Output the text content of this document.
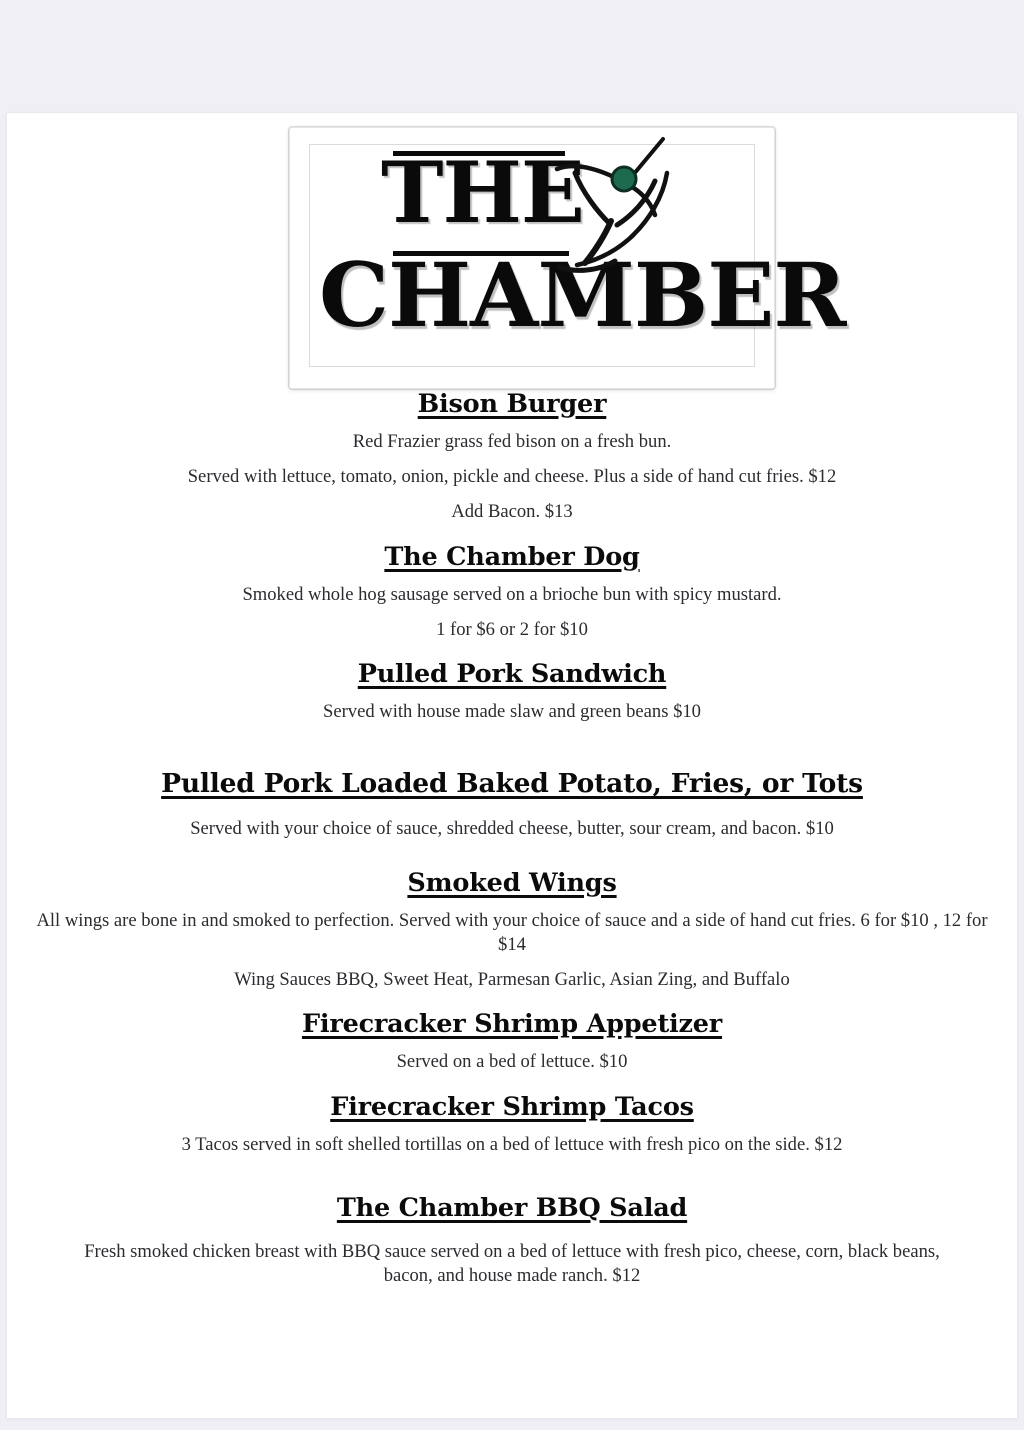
THE
CHAMBER
Bison Burger
Red Frazier grass fed bison on a fresh bun.
Served with lettuce, tomato, onion, pickle and cheese. Plus a side of hand cut fries. $12
Add Bacon. $13
The Chamber Dog
Smoked whole hog sausage served on a brioche bun with spicy mustard.
1 for $6 or 2 for $10
Pulled Pork Sandwich
Served with house made slaw and green beans $10
Pulled Pork Loaded Baked Potato, Fries, or Tots
Served with your choice of sauce, shredded cheese, butter, sour cream, and bacon. $10
Smoked Wings
All wings are bone in and smoked to perfection. Served with your choice of sauce and a side of hand cut fries. 6 for $10 , 12 for $14
Wing Sauces BBQ, Sweet Heat, Parmesan Garlic, Asian Zing, and Buffalo
Firecracker Shrimp Appetizer
Served on a bed of lettuce. $10
Firecracker Shrimp Tacos
3 Tacos served in soft shelled tortillas on a bed of lettuce with fresh pico on the side. $12
The Chamber BBQ Salad
Fresh smoked chicken breast with BBQ sauce served on a bed of lettuce with fresh pico, cheese, corn, black beans, bacon, and house made ranch. $12
